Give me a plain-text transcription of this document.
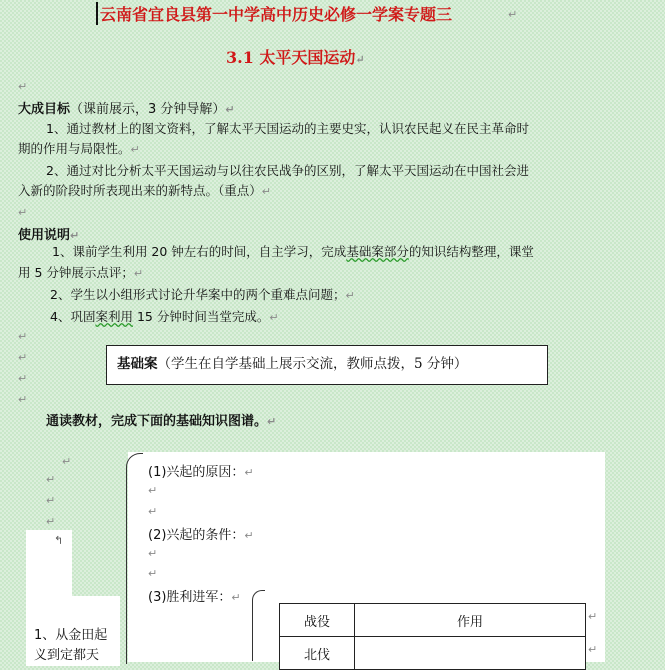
云南省宜良县第一中学高中历史必修一学案专题三	↵
3.1 太平天国运动↵
↵
大成目标（课前展示，3 分钟导解）↵
1、通过教材上的图文资料，了解太平天国运动的主要史实，认识农民起义在民主革命时
期的作用与局限性。↵
2、通过对比分析太平天国运动与以往农民战争的区别，了解太平天国运动在中国社会进
入新的阶段时所表现出来的新特点。（重点）↵
↵
使用说明↵
1、课前学生利用 20 钟左右的时间，自主学习，完成基础案部分的知识结构整理，课堂
用 5 分钟展示点评；↵
2、学生以小组形式讨论升华案中的两个重难点问题；↵
4、巩固案利用 15 分钟时间当堂完成。↵
↵
↵
↵
↵
基础案（学生在自学基础上展示交流，教师点拨，5 分钟）
通读教材，完成下面的基础知识图谱。↵
↵
↵
↵
↵
↰
(1)兴起的原因：↵
↵
↵
(2)兴起的条件：↵
↵
↵
(3)胜利进军：↵
1、从金田起
义到定都天
战役	作用
北伐	
↵
↵
